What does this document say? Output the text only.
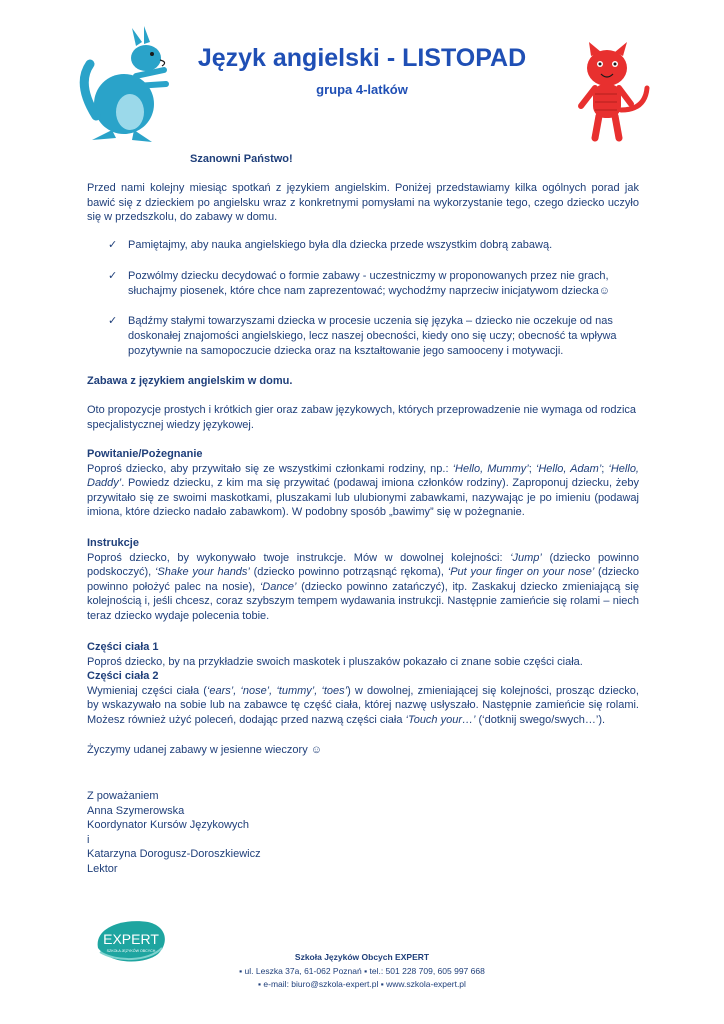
Język angielski - LISTOPAD
grupa 4-latków
Szanowni Państwo!
Przed nami kolejny miesiąc spotkań z językiem angielskim. Poniżej przedstawiamy kilka ogólnych porad jak bawić się z dzieckiem po angielsku wraz z konkretnymi pomysłami na wykorzystanie tego, czego dziecko uczyło się w przedszkolu, do zabawy w domu.
✓ Pamiętajmy, aby nauka angielskiego była dla dziecka przede wszystkim dobrą zabawą.
✓ Pozwólmy dziecku decydować o formie zabawy - uczestniczmy w proponowanych przez nie grach, słuchajmy piosenek, które chce nam zaprezentować; wychodźmy naprzeciw inicjatywom dziecka☺
✓ Bądźmy stałymi towarzyszami dziecka w procesie uczenia się języka – dziecko nie oczekuje od nas doskonałej znajomości angielskiego, lecz naszej obecności, kiedy ono się uczy; obecność ta wpływa pozytywnie na samopoczucie dziecka oraz na kształtowanie jego samooceny i motywacji.
Zabawa z językiem angielskim w domu.
Oto propozycje prostych i krótkich gier oraz zabaw językowych, których przeprowadzenie nie wymaga od rodzica specjalistycznej wiedzy językowej.
Powitanie/Pożegnanie
Poproś dziecko, aby przywitało się ze wszystkimi członkami rodziny, np.: ‘Hello, Mummy’; ‘Hello, Adam’; ‘Hello, Daddy’. Powiedz dziecku, z kim ma się przywitać (podawaj imiona członków rodziny). Zaproponuj dziecku, żeby przywitało się ze swoimi maskotkami, pluszakami lub ulubionymi zabawkami, nazywając je po imieniu (podawaj imiona, które dziecko nadało zabawkom). W podobny sposób „bawimy” się w pożegnanie.
Instrukcje
Poproś dziecko, by wykonywało twoje instrukcje. Mów w dowolnej kolejności: ‘Jump’ (dziecko powinno podskoczyć), ‘Shake your hands’ (dziecko powinno potrząsnąć rękoma), ‘Put your finger on your nose’ (dziecko powinno położyć palec na nosie), ‘Dance’ (dziecko powinno zatańczyć), itp. Zaskakuj dziecko zmieniającą się kolejnością i, jeśli chcesz, coraz szybszym tempem wydawania instrukcji. Następnie zamieńcie się rolami – niech teraz dziecko wydaje polecenia tobie.
Części ciała 1
Poproś dziecko, by na przykładzie swoich maskotek i pluszaków pokazało ci znane sobie części ciała.
Części ciała 2
Wymieniaj części ciała (‘ears’, ‘nose’, ‘tummy’, ‘toes’) w dowolnej, zmieniającej się kolejności, prosząc dziecko, by wskazywało na sobie lub na zabawce tę część ciała, której nazwę usłyszało. Następnie zamieńcie się rolami. Możesz również użyć poleceń, dodając przed nazwą części ciała ‘Touch your…’ (‘dotknij swego/swych…’).
Życzymy udanej zabawy w jesienne wieczory ☺
Z poważaniem
Anna Szymerowska
Koordynator Kursów Językowych
i
Katarzyna Dorogusz-Doroszkiewicz
Lektor
EXPERT
SZKOŁA JĘZYKÓW OBCYCH
Szkoła Języków Obcych EXPERT
▪ ul. Leszka 37a, 61-062 Poznań ▪ tel.: 501 228 709, 605 997 668
▪ e-mail: biuro@szkola-expert.pl ▪ www.szkola-expert.pl
